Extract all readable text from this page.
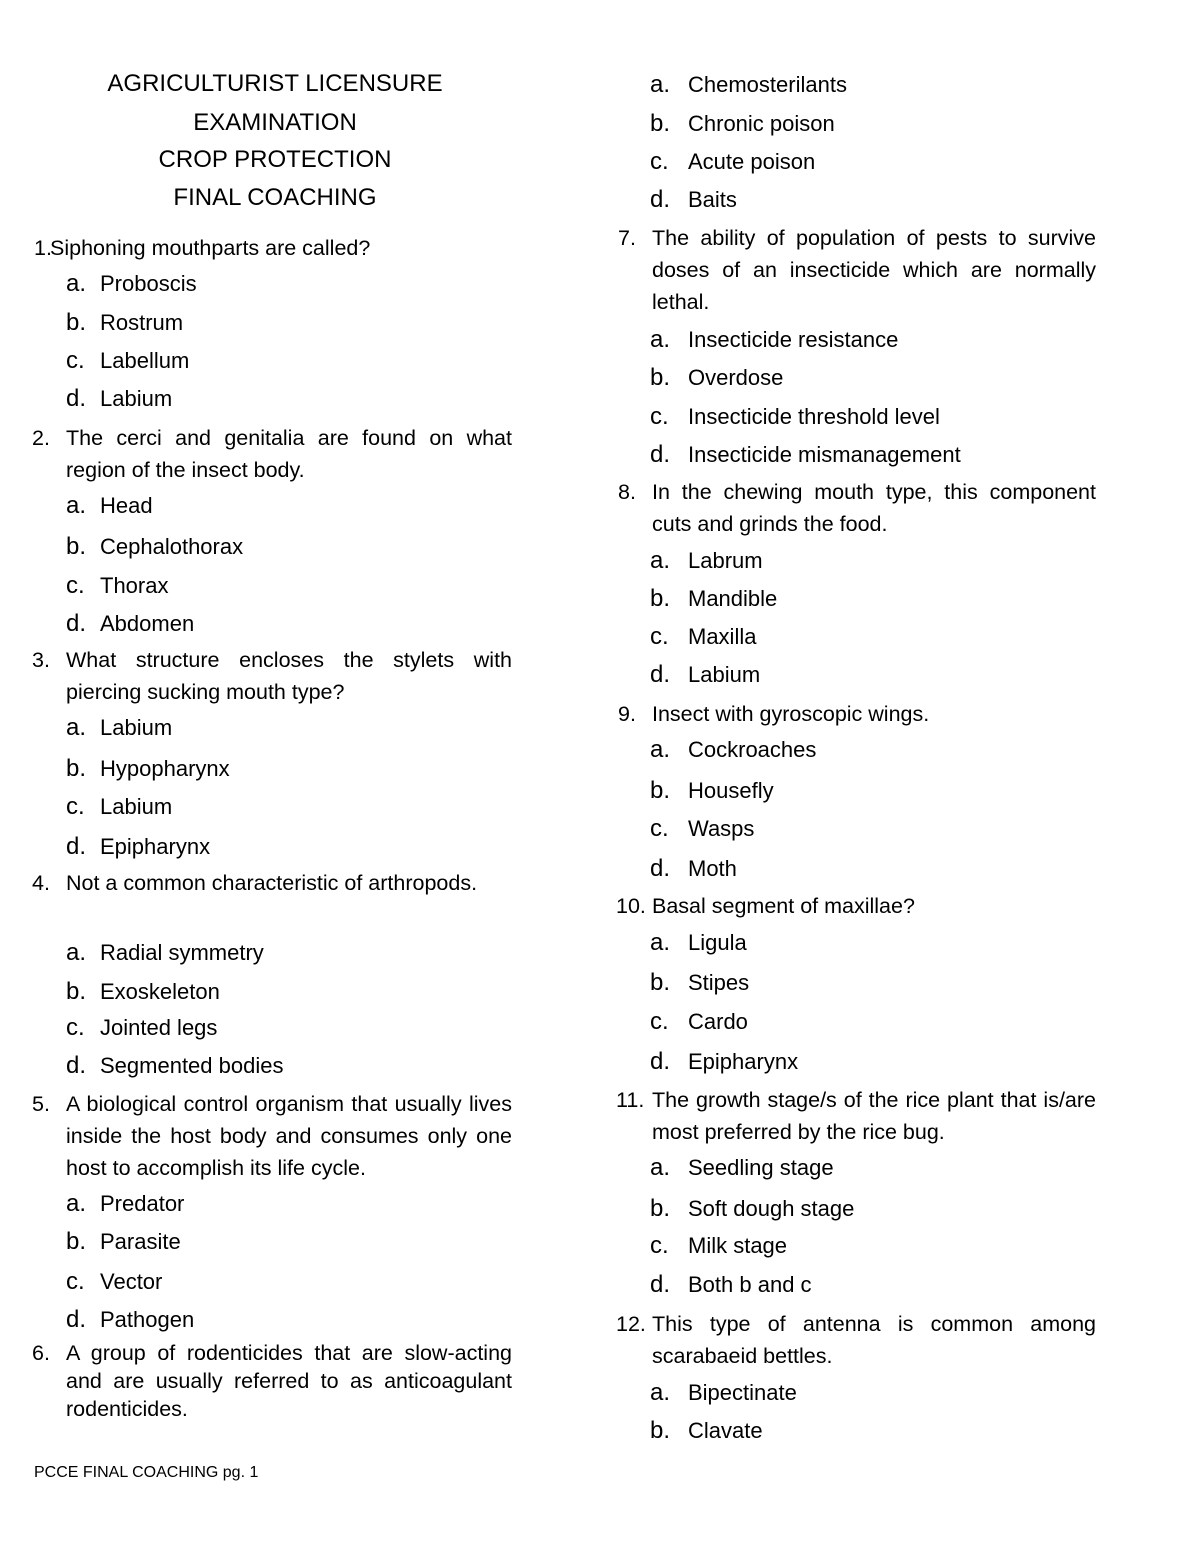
AGRICULTURIST LICENSURE
EXAMINATION
CROP PROTECTION
FINAL COACHING
1.
Siphoning mouthparts are called?
a. Proboscis
b. Rostrum
c. Labellum
d. Labium
2. The cerci and genitalia are found on what region of the insect body.
a. Head
b. Cephalothorax
c. Thorax
d. Abdomen
3. What structure encloses the stylets with piercing sucking mouth type?
a. Labium
b. Hypopharynx
c. Labium
d. Epipharynx
4. Not a common characteristic of arthropods.
a. Radial symmetry
b. Exoskeleton
c. Jointed legs
d. Segmented bodies
5. A biological control organism that usually lives inside the host body and consumes only one host to accomplish its life cycle.
a. Predator
b. Parasite
c. Vector
d. Pathogen
6. A group of rodenticides that are slow-acting and are usually referred to as anticoagulant rodenticides.
a. Chemosterilants
b. Chronic poison
c. Acute poison
d. Baits
7. The ability of population of pests to survive doses of an insecticide which are normally lethal.
a. Insecticide resistance
b. Overdose
c. Insecticide threshold level
d. Insecticide mismanagement
8. In the chewing mouth type, this component cuts and grinds the food.
a. Labrum
b. Mandible
c. Maxilla
d. Labium
9. Insect with gyroscopic wings.
a. Cockroaches
b. Housefly
c. Wasps
d. Moth
10. Basal segment of maxillae?
a. Ligula
b. Stipes
c. Cardo
d. Epipharynx
11. The growth stage/s of the rice plant that is/are most preferred by the rice bug.
a. Seedling stage
b. Soft dough stage
c. Milk stage
d. Both b and c
12. This type of antenna is common among scarabaeid bettles.
a. Bipectinate
b. Clavate
PCCE FINAL COACHING pg. 1
